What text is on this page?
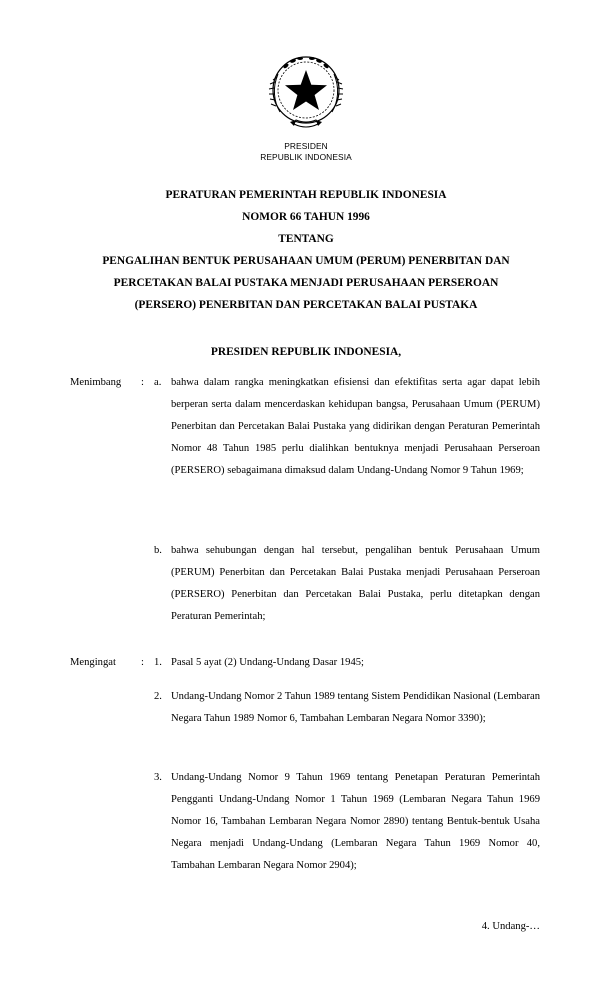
PRESIDEN
REPUBLIK INDONESIA
PERATURAN PEMERINTAH REPUBLIK INDONESIA
NOMOR 66 TAHUN 1996
TENTANG
PENGALIHAN BENTUK PERUSAHAAN UMUM (PERUM) PENERBITAN DAN
PERCETAKAN BALAI PUSTAKA MENJADI PERUSAHAAN PERSEROAN
(PERSERO) PENERBITAN DAN PERCETAKAN BALAI PUSTAKA
PRESIDEN REPUBLIK INDONESIA,
Menimbang : a. bahwa dalam rangka meningkatkan efisiensi dan efektifitas serta agar dapat lebih berperan serta dalam mencerdaskan kehidupan bangsa, Perusahaan Umum (PERUM) Penerbitan dan Percetakan Balai Pustaka yang didirikan dengan Peraturan Pemerintah Nomor 48 Tahun 1985 perlu dialihkan bentuknya menjadi Perusahaan Perseroan (PERSERO) sebagaimana dimaksud dalam Undang-Undang Nomor 9 Tahun 1969;
b. bahwa sehubungan dengan hal tersebut, pengalihan bentuk Perusahaan Umum (PERUM) Penerbitan dan Percetakan Balai Pustaka menjadi Perusahaan Perseroan (PERSERO) Penerbitan dan Percetakan Balai Pustaka, perlu ditetapkan dengan Peraturan Pemerintah;
Mengingat : 1. Pasal 5 ayat (2) Undang-Undang Dasar 1945;
2. Undang-Undang Nomor 2 Tahun 1989 tentang Sistem Pendidikan Nasional (Lembaran Negara Tahun 1989 Nomor 6, Tambahan Lembaran Negara Nomor 3390);
3. Undang-Undang Nomor 9 Tahun 1969 tentang Penetapan Peraturan Pemerintah Pengganti Undang-Undang Nomor 1 Tahun 1969 (Lembaran Negara Tahun 1969 Nomor 16, Tambahan Lembaran Negara Nomor 2890) tentang Bentuk-bentuk Usaha Negara menjadi Undang-Undang (Lembaran Negara Tahun 1969 Nomor 40, Tambahan Lembaran Negara Nomor 2904);
4. Undang-…
